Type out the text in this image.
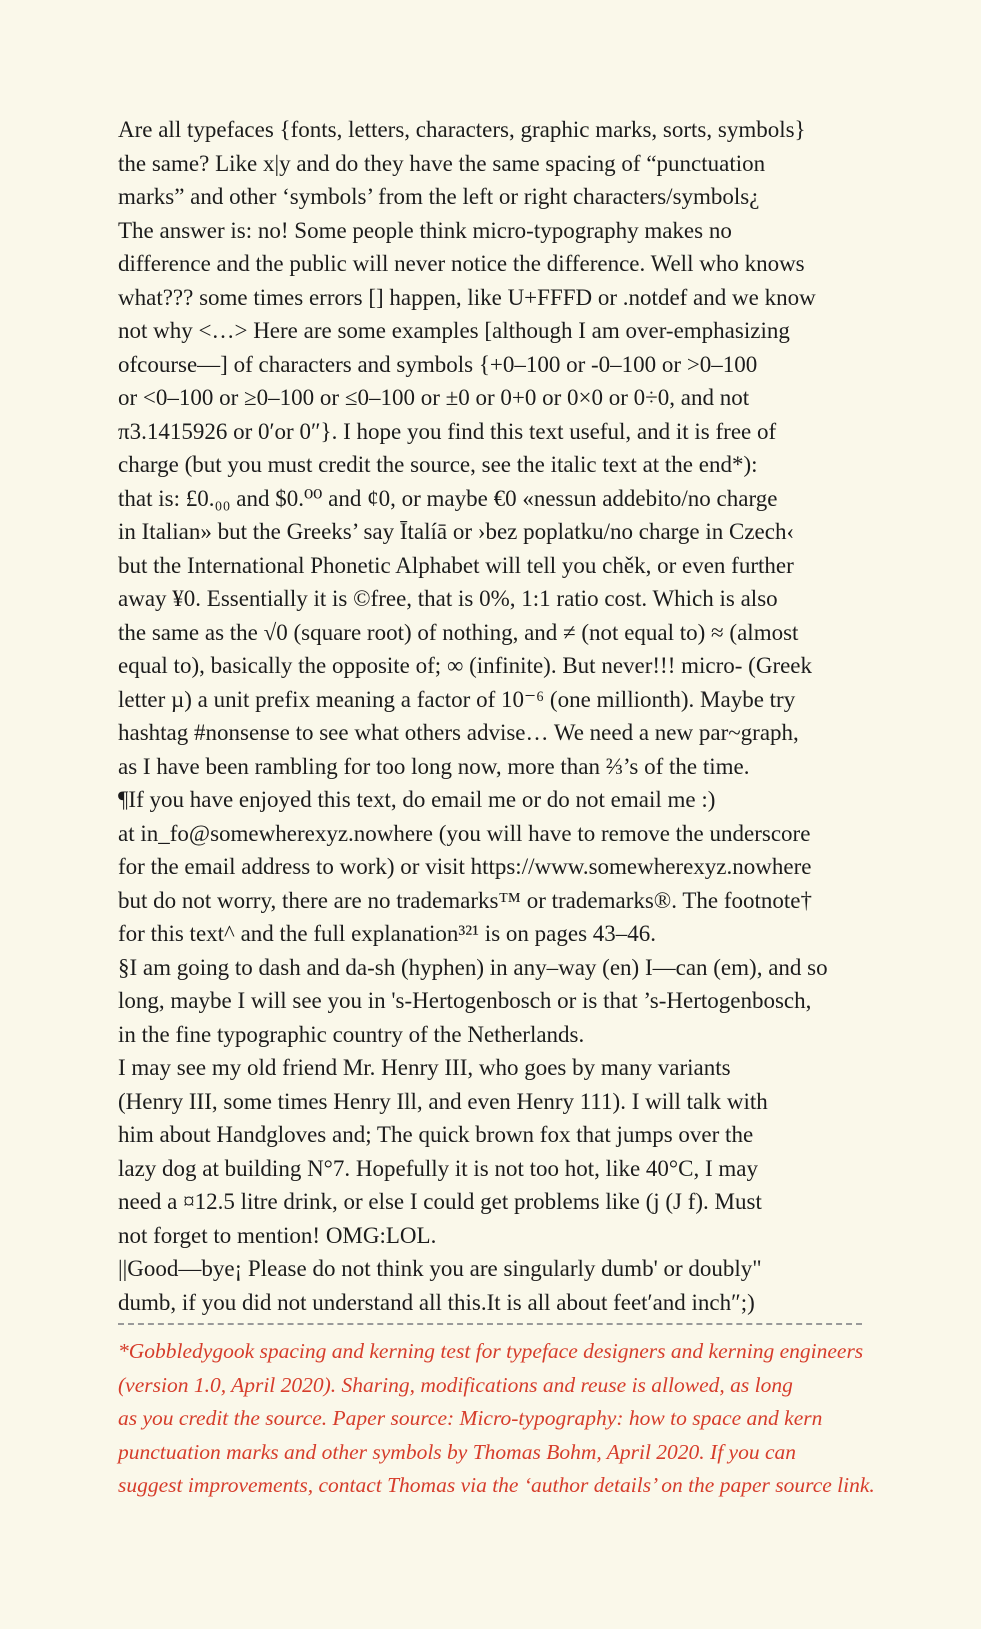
Are all typefaces {fonts, letters, characters, graphic marks, sorts, symbols}
the same? Like x|y and do they have the same spacing of “punctuation
marks” and other ‘symbols’ from the left or right characters/symbols¿
The answer is: no! Some people think micro-typography makes no
difference and the public will never notice the difference. Well who knows
what??? some times errors [] happen, like U+FFFD or .notdef and we know
not why <…> Here are some examples [although I am over-emphasizing
ofcourse—] of characters and symbols {+0–100 or -0–100 or >0–100
or <0–100 or ≥0–100 or ≤0–100 or ±0 or 0+0 or 0×0 or 0÷0, and not
π3.1415926 or 0′or 0″}. I hope you find this text useful, and it is free of
charge (but you must credit the source, see the italic text at the end*):
that is: £0.₀₀ and $0.⁰⁰ and ¢0, or maybe €0 «nessun addebito/no charge
in Italian» but the Greeks’ say Ītalíā or ›bez poplatku/no charge in Czech‹
but the International Phonetic Alphabet will tell you chěk, or even further
away ¥0. Essentially it is ©free, that is 0%, 1:1 ratio cost. Which is also
the same as the √0 (square root) of nothing, and ≠ (not equal to) ≈ (almost
equal to), basically the opposite of; ∞ (infinite). But never!!! micro- (Greek
letter µ) a unit prefix meaning a factor of 10⁻⁶ (one millionth). Maybe try
hashtag #nonsense to see what others advise… We need a new par~graph,
as I have been rambling for too long now, more than ⅔’s of the time.
¶If you have enjoyed this text, do email me or do not email me :)
at in_fo@somewherexyz.nowhere (you will have to remove the underscore
for the email address to work) or visit https://www.somewherexyz.nowhere
but do not worry, there are no trademarks™ or trademarks®. The footnote†
for this text^ and the full explanation³²¹ is on pages 43–46.
§I am going to dash and da-sh (hyphen) in any–way (en) I—can (em), and so
long, maybe I will see you in 's-Hertogenbosch or is that ’s-Hertogenbosch,
in the fine typographic country of the Netherlands.
I may see my old friend Mr. Henry III, who goes by many variants
(Henry III, some times Henry Ill, and even Henry 111). I will talk with
him about Handgloves and; The quick brown fox that jumps over the
lazy dog at building N°7. Hopefully it is not too hot, like 40°C, I may
need a ¤12.5 litre drink, or else I could get problems like (j (J f). Must
not forget to mention! OMG:LOL.
||Good—bye¡ Please do not think you are singularly dumb' or doubly"
dumb, if you did not understand all this.It is all about feet′and inch″;)
*Gobbledygook spacing and kerning test for typeface designers and kerning engineers
(version 1.0, April 2020). Sharing, modifications and reuse is allowed, as long
as you credit the source. Paper source: Micro-typography: how to space and kern
punctuation marks and other symbols by Thomas Bohm, April 2020. If you can
suggest improvements, contact Thomas via the ‘author details’ on the paper source link.
